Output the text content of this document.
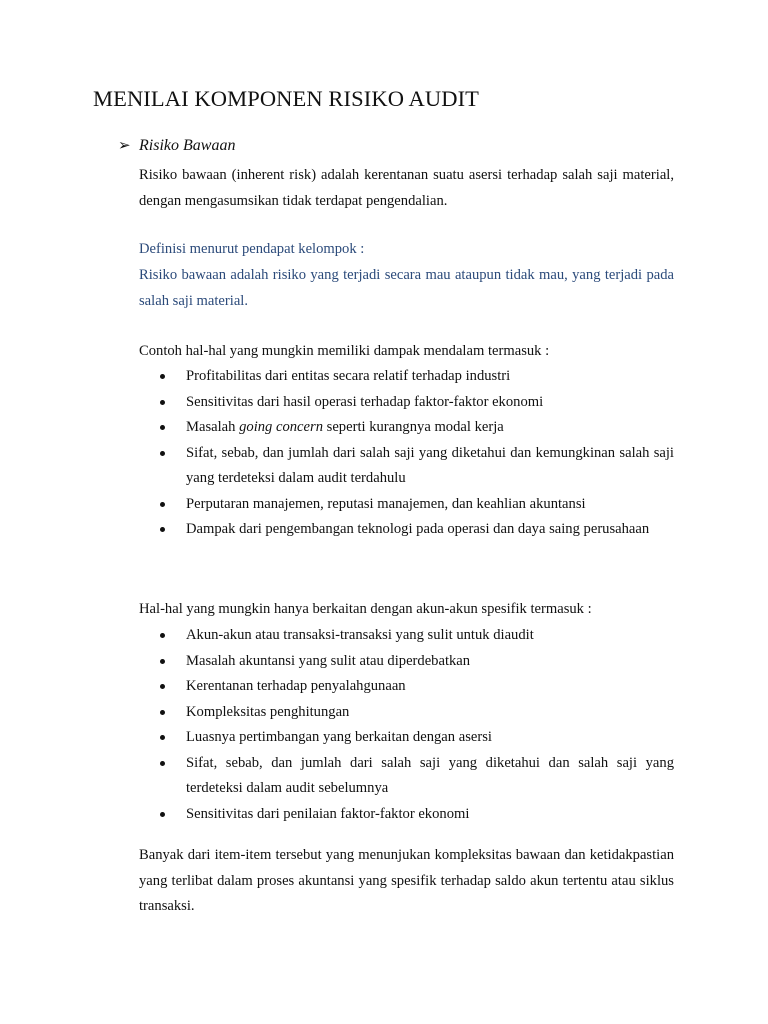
MENILAI KOMPONEN RISIKO AUDIT
➢ Risiko Bawaan

Risiko bawaan (inherent risk) adalah kerentanan suatu asersi terhadap salah saji material, dengan mengasumsikan tidak terdapat pengendalian.

Definisi menurut pendapat kelompok :

Risiko bawaan adalah risiko yang terjadi secara mau ataupun tidak mau, yang terjadi pada salah saji material.

Contoh hal-hal yang mungkin memiliki dampak mendalam termasuk :

Profitabilitas dari entitas secara relatif terhadap industri
Sensitivitas dari hasil operasi terhadap faktor-faktor ekonomi
Masalah going concern seperti kurangnya modal kerja
Sifat, sebab, dan jumlah dari salah saji yang diketahui dan kemungkinan salah saji yang terdeteksi dalam audit terdahulu
Perputaran manajemen, reputasi manajemen, dan keahlian akuntansi
Dampak dari pengembangan teknologi pada operasi dan daya saing perusahaan

Hal-hal yang mungkin hanya berkaitan dengan akun-akun spesifik termasuk :

Akun-akun atau transaksi-transaksi yang sulit untuk diaudit
Masalah akuntansi yang sulit atau diperdebatkan
Kerentanan terhadap penyalahgunaan
Kompleksitas penghitungan
Luasnya pertimbangan yang berkaitan dengan asersi
Sifat, sebab, dan jumlah dari salah saji yang diketahui dan salah saji yang terdeteksi dalam audit sebelumnya
Sensitivitas dari penilaian faktor-faktor ekonomi

Banyak dari item-item tersebut yang menunjukan kompleksitas bawaan dan ketidakpastian yang terlibat dalam proses akuntansi yang spesifik terhadap saldo akun tertentu atau siklus transaksi.
